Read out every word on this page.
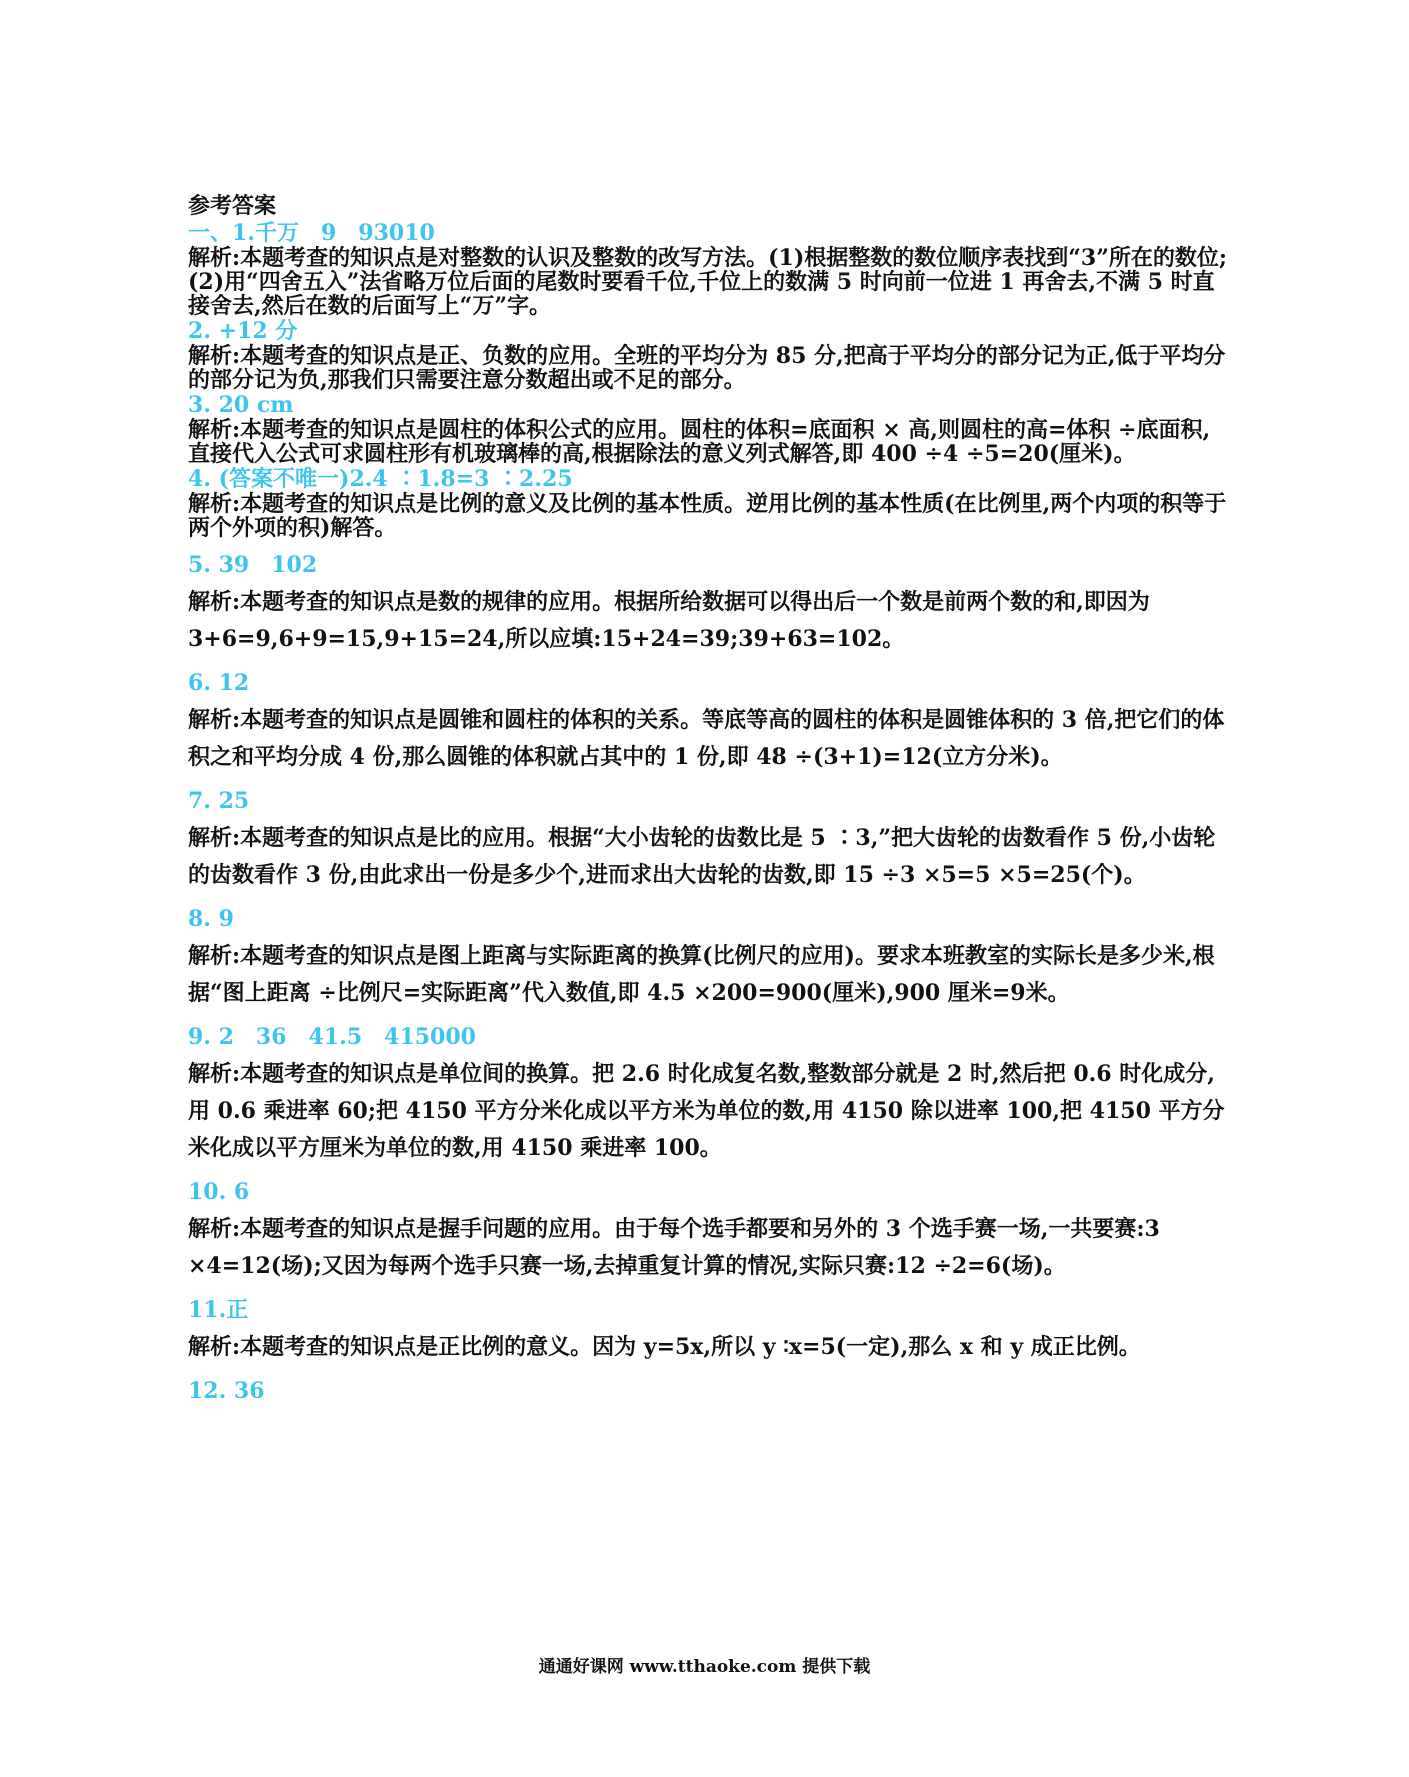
参考答案

一、1.千万　9　93010

解析:本题考查的知识点是对整数的认识及整数的改写方法。(1)根据整数的数位顺序表找到“3”所在的数位;(2)用“四舍五入”法省略万位后面的尾数时要看千位,千位上的数满 5 时向前一位进 1 再舍去,不满 5 时直接舍去,然后在数的后面写上“万”字。

2. +12 分

解析:本题考查的知识点是正、负数的应用。全班的平均分为 85 分,把高于平均分的部分记为正,低于平均分的部分记为负,那我们只需要注意分数超出或不足的部分。

3. 20 cm

解析:本题考查的知识点是圆柱的体积公式的应用。圆柱的体积=底面积 × 高,则圆柱的高=体积 ÷底面积,直接代入公式可求圆柱形有机玻璃棒的高,根据除法的意义列式解答,即 400 ÷4 ÷5=20(厘米)。

4. (答案不唯一)2.4 ∶1.8=3 ∶2.25

解析:本题考查的知识点是比例的意义及比例的基本性质。逆用比例的基本性质(在比例里,两个内项的积等于两个外项的积)解答。

5. 39　102

解析:本题考查的知识点是数的规律的应用。根据所给数据可以得出后一个数是前两个数的和,即因为 3+6=9,6+9=15,9+15=24,所以应填:15+24=39;39+63=102。

6. 12

解析:本题考查的知识点是圆锥和圆柱的体积的关系。等底等高的圆柱的体积是圆锥体积的 3 倍,把它们的体积之和平均分成 4 份,那么圆锥的体积就占其中的 1 份,即 48 ÷(3+1)=12(立方分米)。

7. 25

解析:本题考查的知识点是比的应用。根据“大小齿轮的齿数比是 5 ∶3,”把大齿轮的齿数看作 5 份,小齿轮的齿数看作 3 份,由此求出一份是多少个,进而求出大齿轮的齿数,即 15 ÷3 ×5=5 ×5=25(个)。

8. 9

解析:本题考查的知识点是图上距离与实际距离的换算(比例尺的应用)。要求本班教室的实际长是多少米,根据“图上距离 ÷比例尺=实际距离”代入数值,即 4.5 ×200=900(厘米),900 厘米=9米。

9. 2　36　41.5　415000

解析:本题考查的知识点是单位间的换算。把 2.6 时化成复名数,整数部分就是 2 时,然后把 0.6 时化成分,用 0.6 乘进率 60;把 4150 平方分米化成以平方米为单位的数,用 4150 除以进率 100,把 4150 平方分米化成以平方厘米为单位的数,用 4150 乘进率 100。

10. 6

解析:本题考查的知识点是握手问题的应用。由于每个选手都要和另外的 3 个选手赛一场,一共要赛:3 ×4=12(场);又因为每两个选手只赛一场,去掉重复计算的情况,实际只赛:12 ÷2=6(场)。

11.正

解析:本题考查的知识点是正比例的意义。因为 y=5x,所以 y ∶x=5(一定),那么 x 和 y 成正比例。

12. 36

通通好课网 www.tthaoke.com 提供下载
